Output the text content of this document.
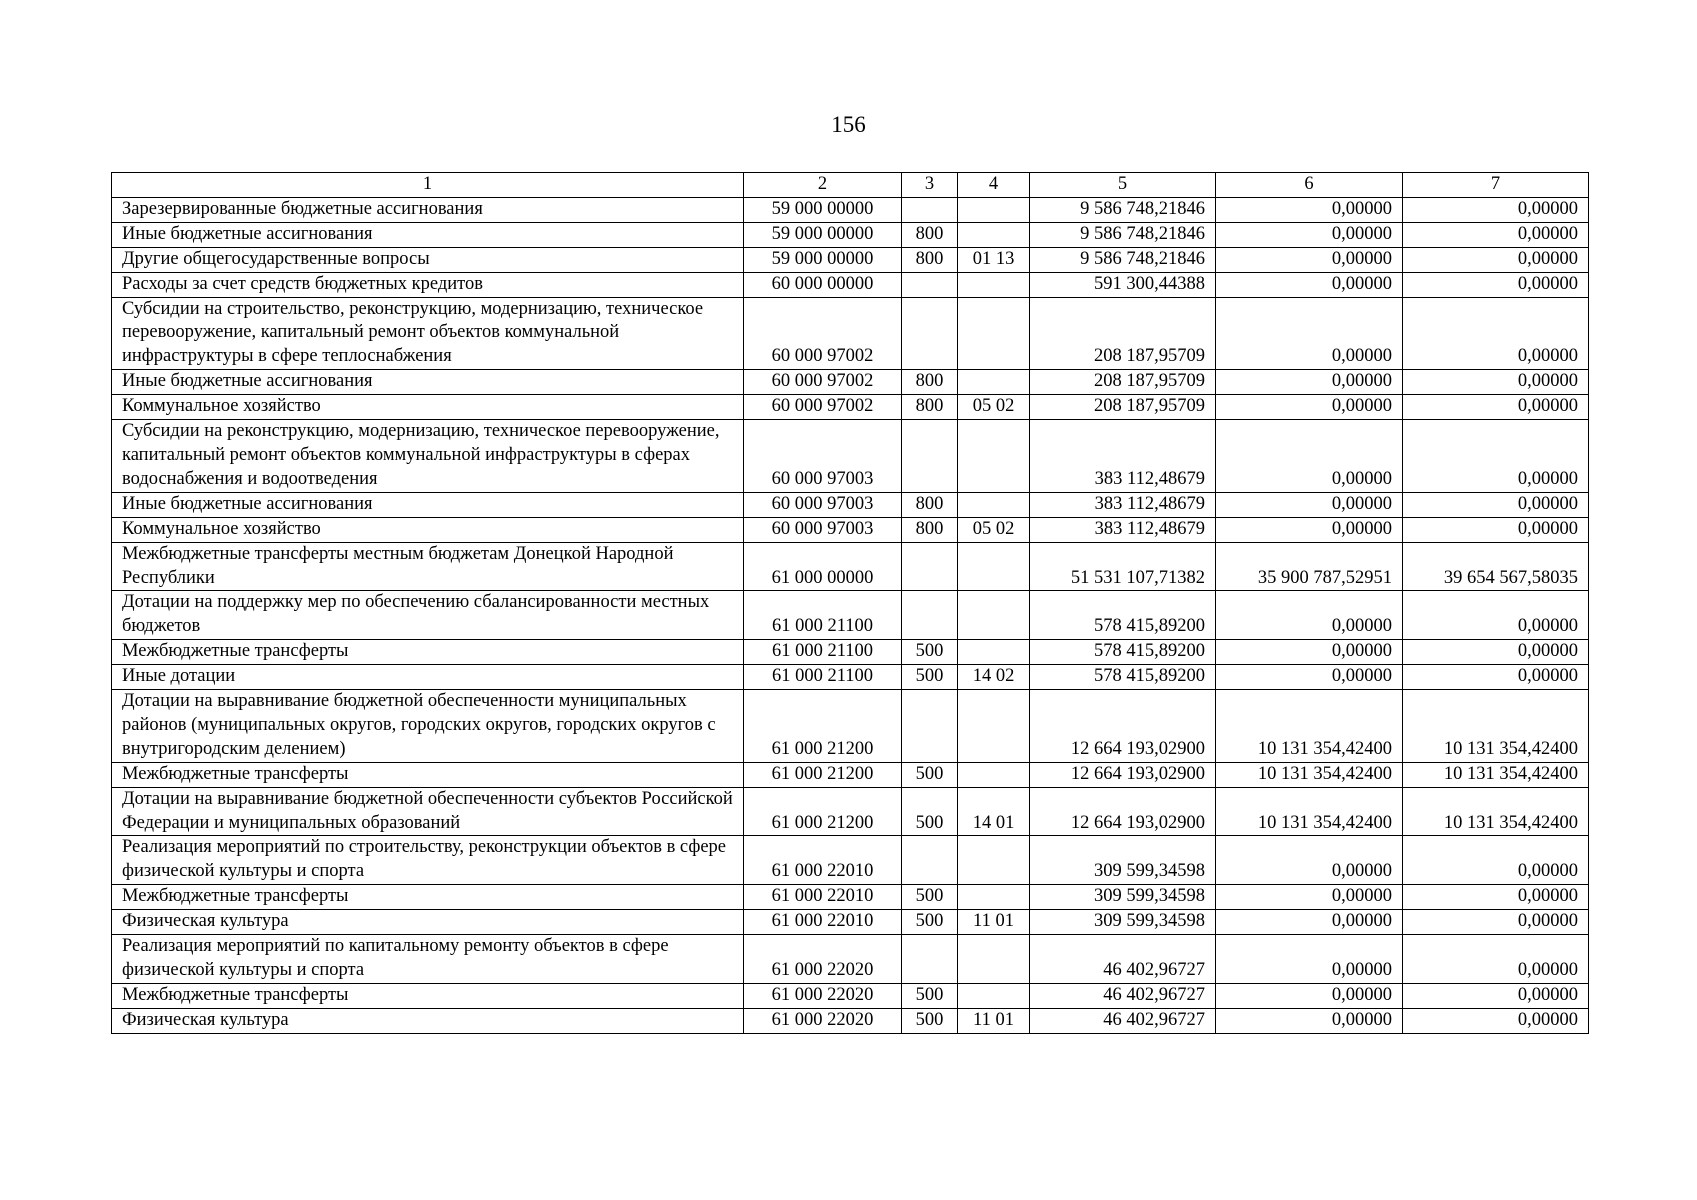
156
1	2	3	4	5	6	7
Зарезервированные бюджетные ассигнования	59 000 00000			9 586 748,21846	0,00000	0,00000
Иные бюджетные ассигнования	59 000 00000	800		9 586 748,21846	0,00000	0,00000
Другие общегосударственные вопросы	59 000 00000	800	01 13	9 586 748,21846	0,00000	0,00000
Расходы за счет средств бюджетных кредитов	60 000 00000			591 300,44388	0,00000	0,00000
Субсидии на строительство, реконструкцию, модернизацию, техническое перевооружение, капитальный ремонт объектов коммунальной инфраструктуры в сфере теплоснабжения	60 000 97002			208 187,95709	0,00000	0,00000
Иные бюджетные ассигнования	60 000 97002	800		208 187,95709	0,00000	0,00000
Коммунальное хозяйство	60 000 97002	800	05 02	208 187,95709	0,00000	0,00000
Субсидии на реконструкцию, модернизацию, техническое перевооружение, капитальный ремонт объектов коммунальной инфраструктуры в сферах водоснабжения и водоотведения	60 000 97003			383 112,48679	0,00000	0,00000
Иные бюджетные ассигнования	60 000 97003	800		383 112,48679	0,00000	0,00000
Коммунальное хозяйство	60 000 97003	800	05 02	383 112,48679	0,00000	0,00000
Межбюджетные трансферты местным бюджетам Донецкой Народной Республики	61 000 00000			51 531 107,71382	35 900 787,52951	39 654 567,58035
Дотации на поддержку мер по обеспечению сбалансированности местных бюджетов	61 000 21100			578 415,89200	0,00000	0,00000
Межбюджетные трансферты	61 000 21100	500		578 415,89200	0,00000	0,00000
Иные дотации	61 000 21100	500	14 02	578 415,89200	0,00000	0,00000
Дотации на выравнивание бюджетной обеспеченности муниципальных районов (муниципальных округов, городских округов, городских округов с внутригородским делением)	61 000 21200			12 664 193,02900	10 131 354,42400	10 131 354,42400
Межбюджетные трансферты	61 000 21200	500		12 664 193,02900	10 131 354,42400	10 131 354,42400
Дотации на выравнивание бюджетной обеспеченности субъектов Российской Федерации и муниципальных образований	61 000 21200	500	14 01	12 664 193,02900	10 131 354,42400	10 131 354,42400
Реализация мероприятий по строительству, реконструкции объектов в сфере физической культуры и спорта	61 000 22010			309 599,34598	0,00000	0,00000
Межбюджетные трансферты	61 000 22010	500		309 599,34598	0,00000	0,00000
Физическая культура	61 000 22010	500	11 01	309 599,34598	0,00000	0,00000
Реализация мероприятий по капитальному ремонту объектов в сфере физической культуры и спорта	61 000 22020			46 402,96727	0,00000	0,00000
Межбюджетные трансферты	61 000 22020	500		46 402,96727	0,00000	0,00000
Физическая культура	61 000 22020	500	11 01	46 402,96727	0,00000	0,00000
